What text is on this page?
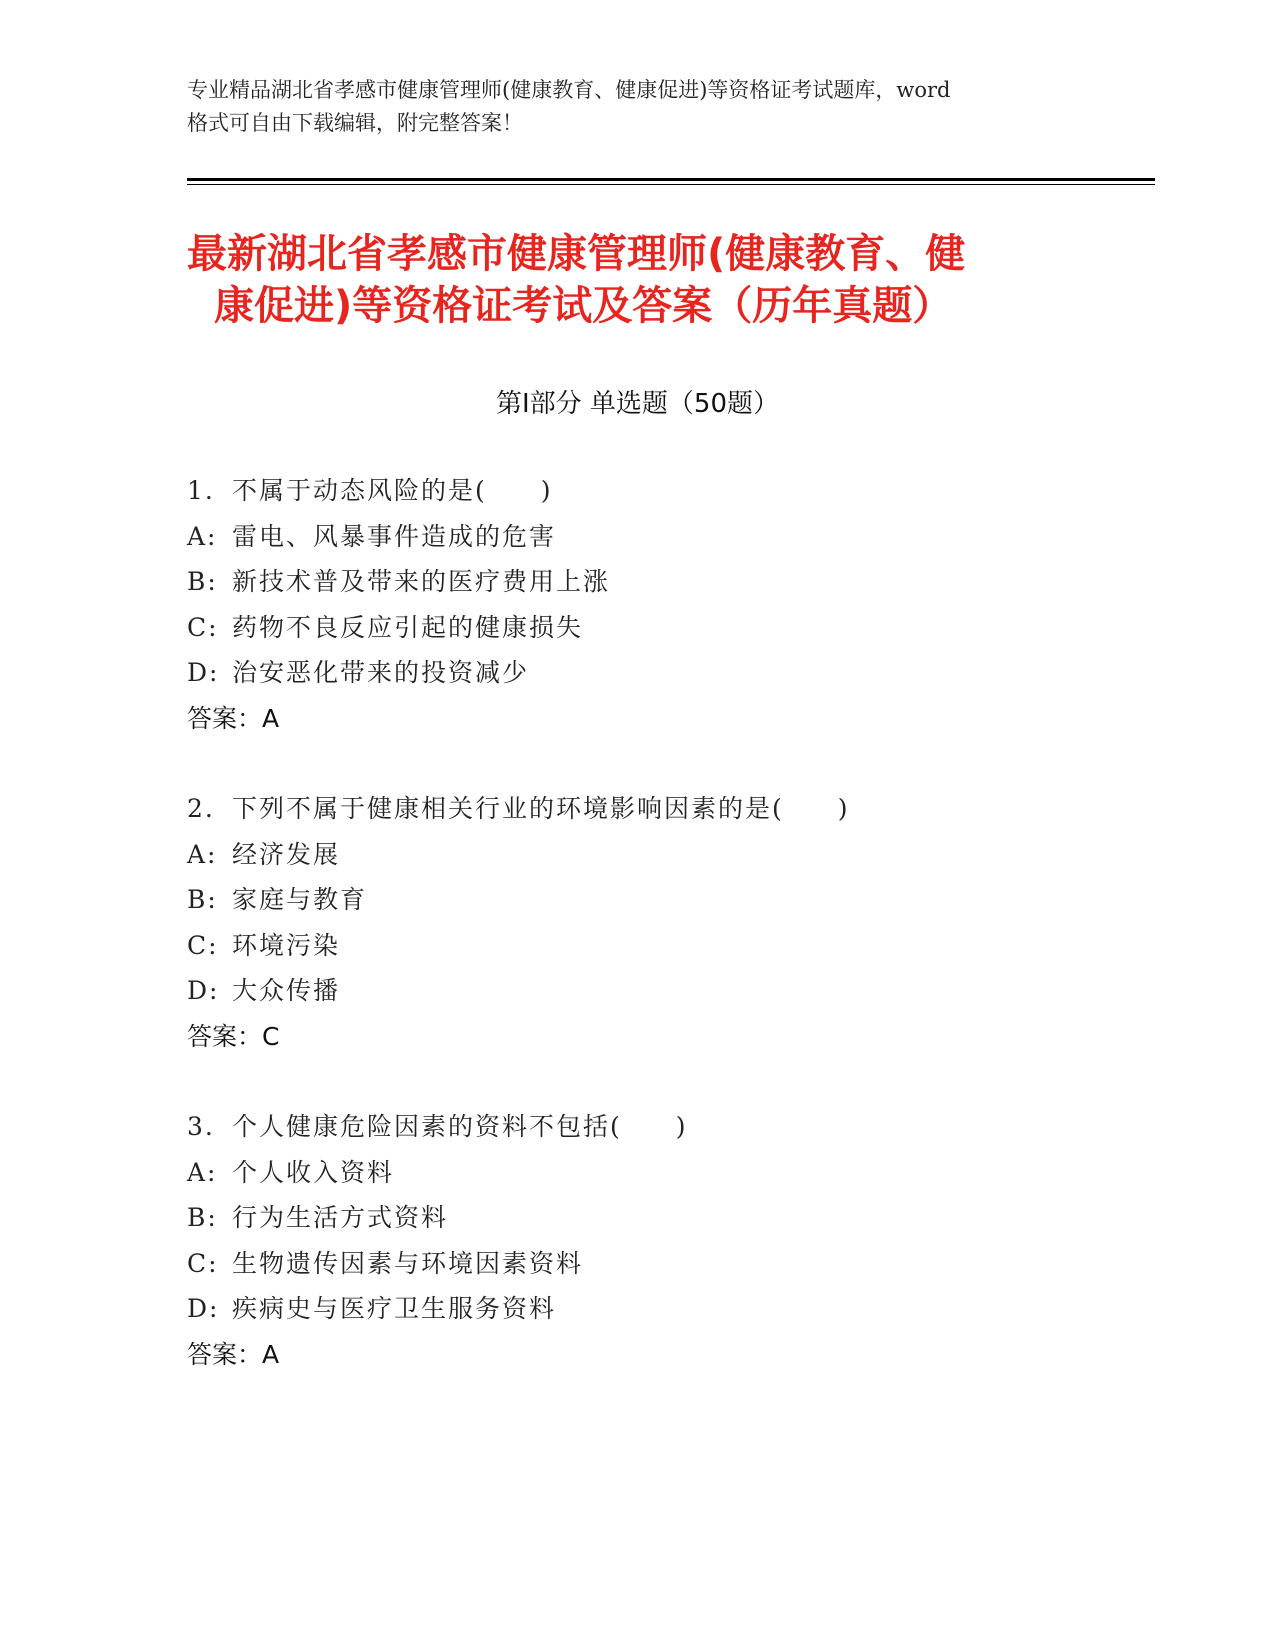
专业精品湖北省孝感市健康管理师(健康教育、健康促进)等资格证考试题库，word
格式可自由下载编辑，附完整答案！
最新湖北省孝感市健康管理师(健康教育、健
康促进)等资格证考试及答案（历年真题）
第Ⅰ部分 单选题（50题）
1. 不属于动态风险的是(　　)
A: 雷电、风暴事件造成的危害
B: 新技术普及带来的医疗费用上涨
C: 药物不良反应引起的健康损失
D: 治安恶化带来的投资减少
答案：A
2. 下列不属于健康相关行业的环境影响因素的是(　　)
A: 经济发展
B: 家庭与教育
C: 环境污染
D: 大众传播
答案：C
3. 个人健康危险因素的资料不包括(　　)
A: 个人收入资料
B: 行为生活方式资料
C: 生物遗传因素与环境因素资料
D: 疾病史与医疗卫生服务资料
答案：A
